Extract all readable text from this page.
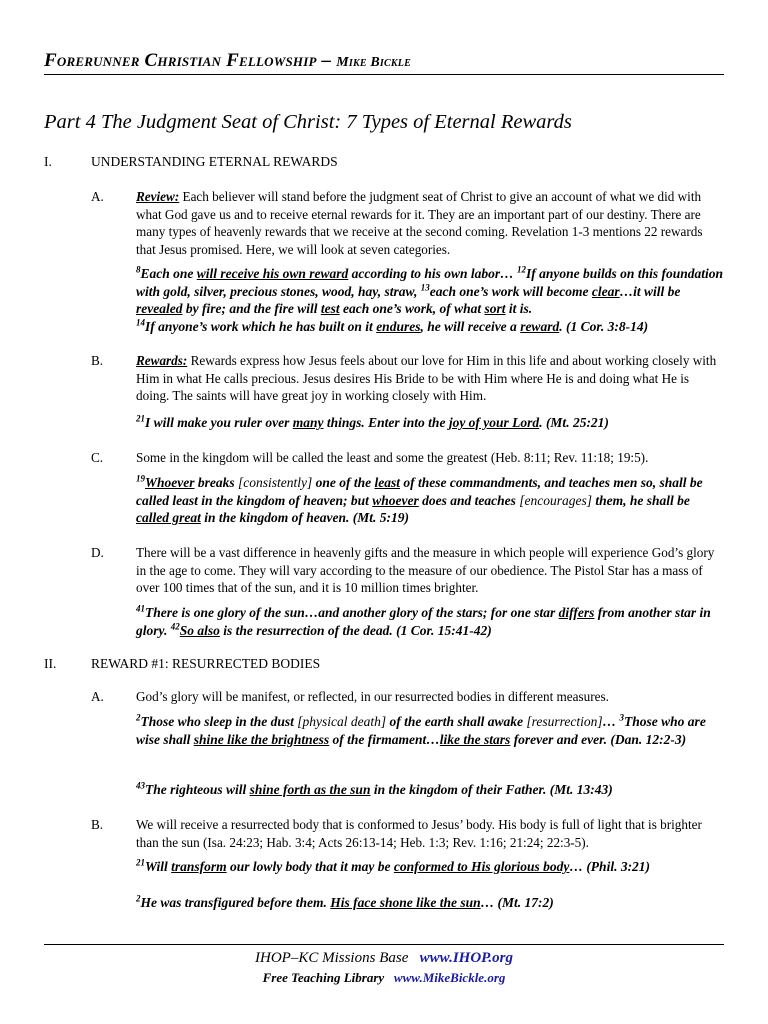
Forerunner Christian Fellowship – Mike Bickle
Part 4 The Judgment Seat of Christ: 7 Types of Eternal Rewards
I.	UNDERSTANDING ETERNAL REWARDS
A. Review: Each believer will stand before the judgment seat of Christ to give an account of what we did with what God gave us and to receive eternal rewards for it. They are an important part of our destiny. There are many types of heavenly rewards that we receive at the second coming. Revelation 1-3 mentions 22 rewards that Jesus promised. Here, we will look at seven categories.
$^8$Each one will receive his own reward according to his own labor… $^{12}$If anyone builds on this foundation with gold, silver, precious stones, wood, hay, straw, $^{13}$each one’s work will become clear…it will be revealed by fire; and the fire will test each one’s work, of what sort it is.
$^{14}$If anyone’s work which he has built on it endures, he will receive a reward. (1 Cor. 3:8-14)
B. Rewards: Rewards express how Jesus feels about our love for Him in this life and about working closely with Him in what He calls precious. Jesus desires His Bride to be with Him where He is and doing what He is doing. The saints will have great joy in working closely with Him.
$^{21}$I will make you ruler over many things. Enter into the joy of your Lord. (Mt. 25:21)
C. Some in the kingdom will be called the least and some the greatest (Heb. 8:11; Rev. 11:18; 19:5).
$^{19}$Whoever breaks [consistently] one of the least of these commandments, and teaches men so, shall be called least in the kingdom of heaven; but whoever does and teaches [encourages] them, he shall be called great in the kingdom of heaven. (Mt. 5:19)
D. There will be a vast difference in heavenly gifts and the measure in which people will experience God’s glory in the age to come. They will vary according to the measure of our obedience. The Pistol Star has a mass of over 100 times that of the sun, and it is 10 million times brighter.
$^{41}$There is one glory of the sun…and another glory of the stars; for one star differs from another star in glory. $^{42}$So also is the resurrection of the dead. (1 Cor. 15:41-42)
II.	REWARD #1: RESURRECTED BODIES
A. God’s glory will be manifest, or reflected, in our resurrected bodies in different measures.
$^2$Those who sleep in the dust [physical death] of the earth shall awake [resurrection]… $^3$Those who are wise shall shine like the brightness of the firmament…like the stars forever and ever. (Dan. 12:2-3)
$^{43}$The righteous will shine forth as the sun in the kingdom of their Father. (Mt. 13:43)
B. We will receive a resurrected body that is conformed to Jesus’ body. His body is full of light that is brighter than the sun (Isa. 24:23; Hab. 3:4; Acts 26:13-14; Heb. 1:3; Rev. 1:16; 21:24; 22:3-5).
$^{21}$Will transform our lowly body that it may be conformed to His glorious body… (Phil. 3:21)
$^2$He was transfigured before them. His face shone like the sun… (Mt. 17:2)
IHOP–KC Missions Base www.IHOP.org
Free Teaching Library www.MikeBickle.org
